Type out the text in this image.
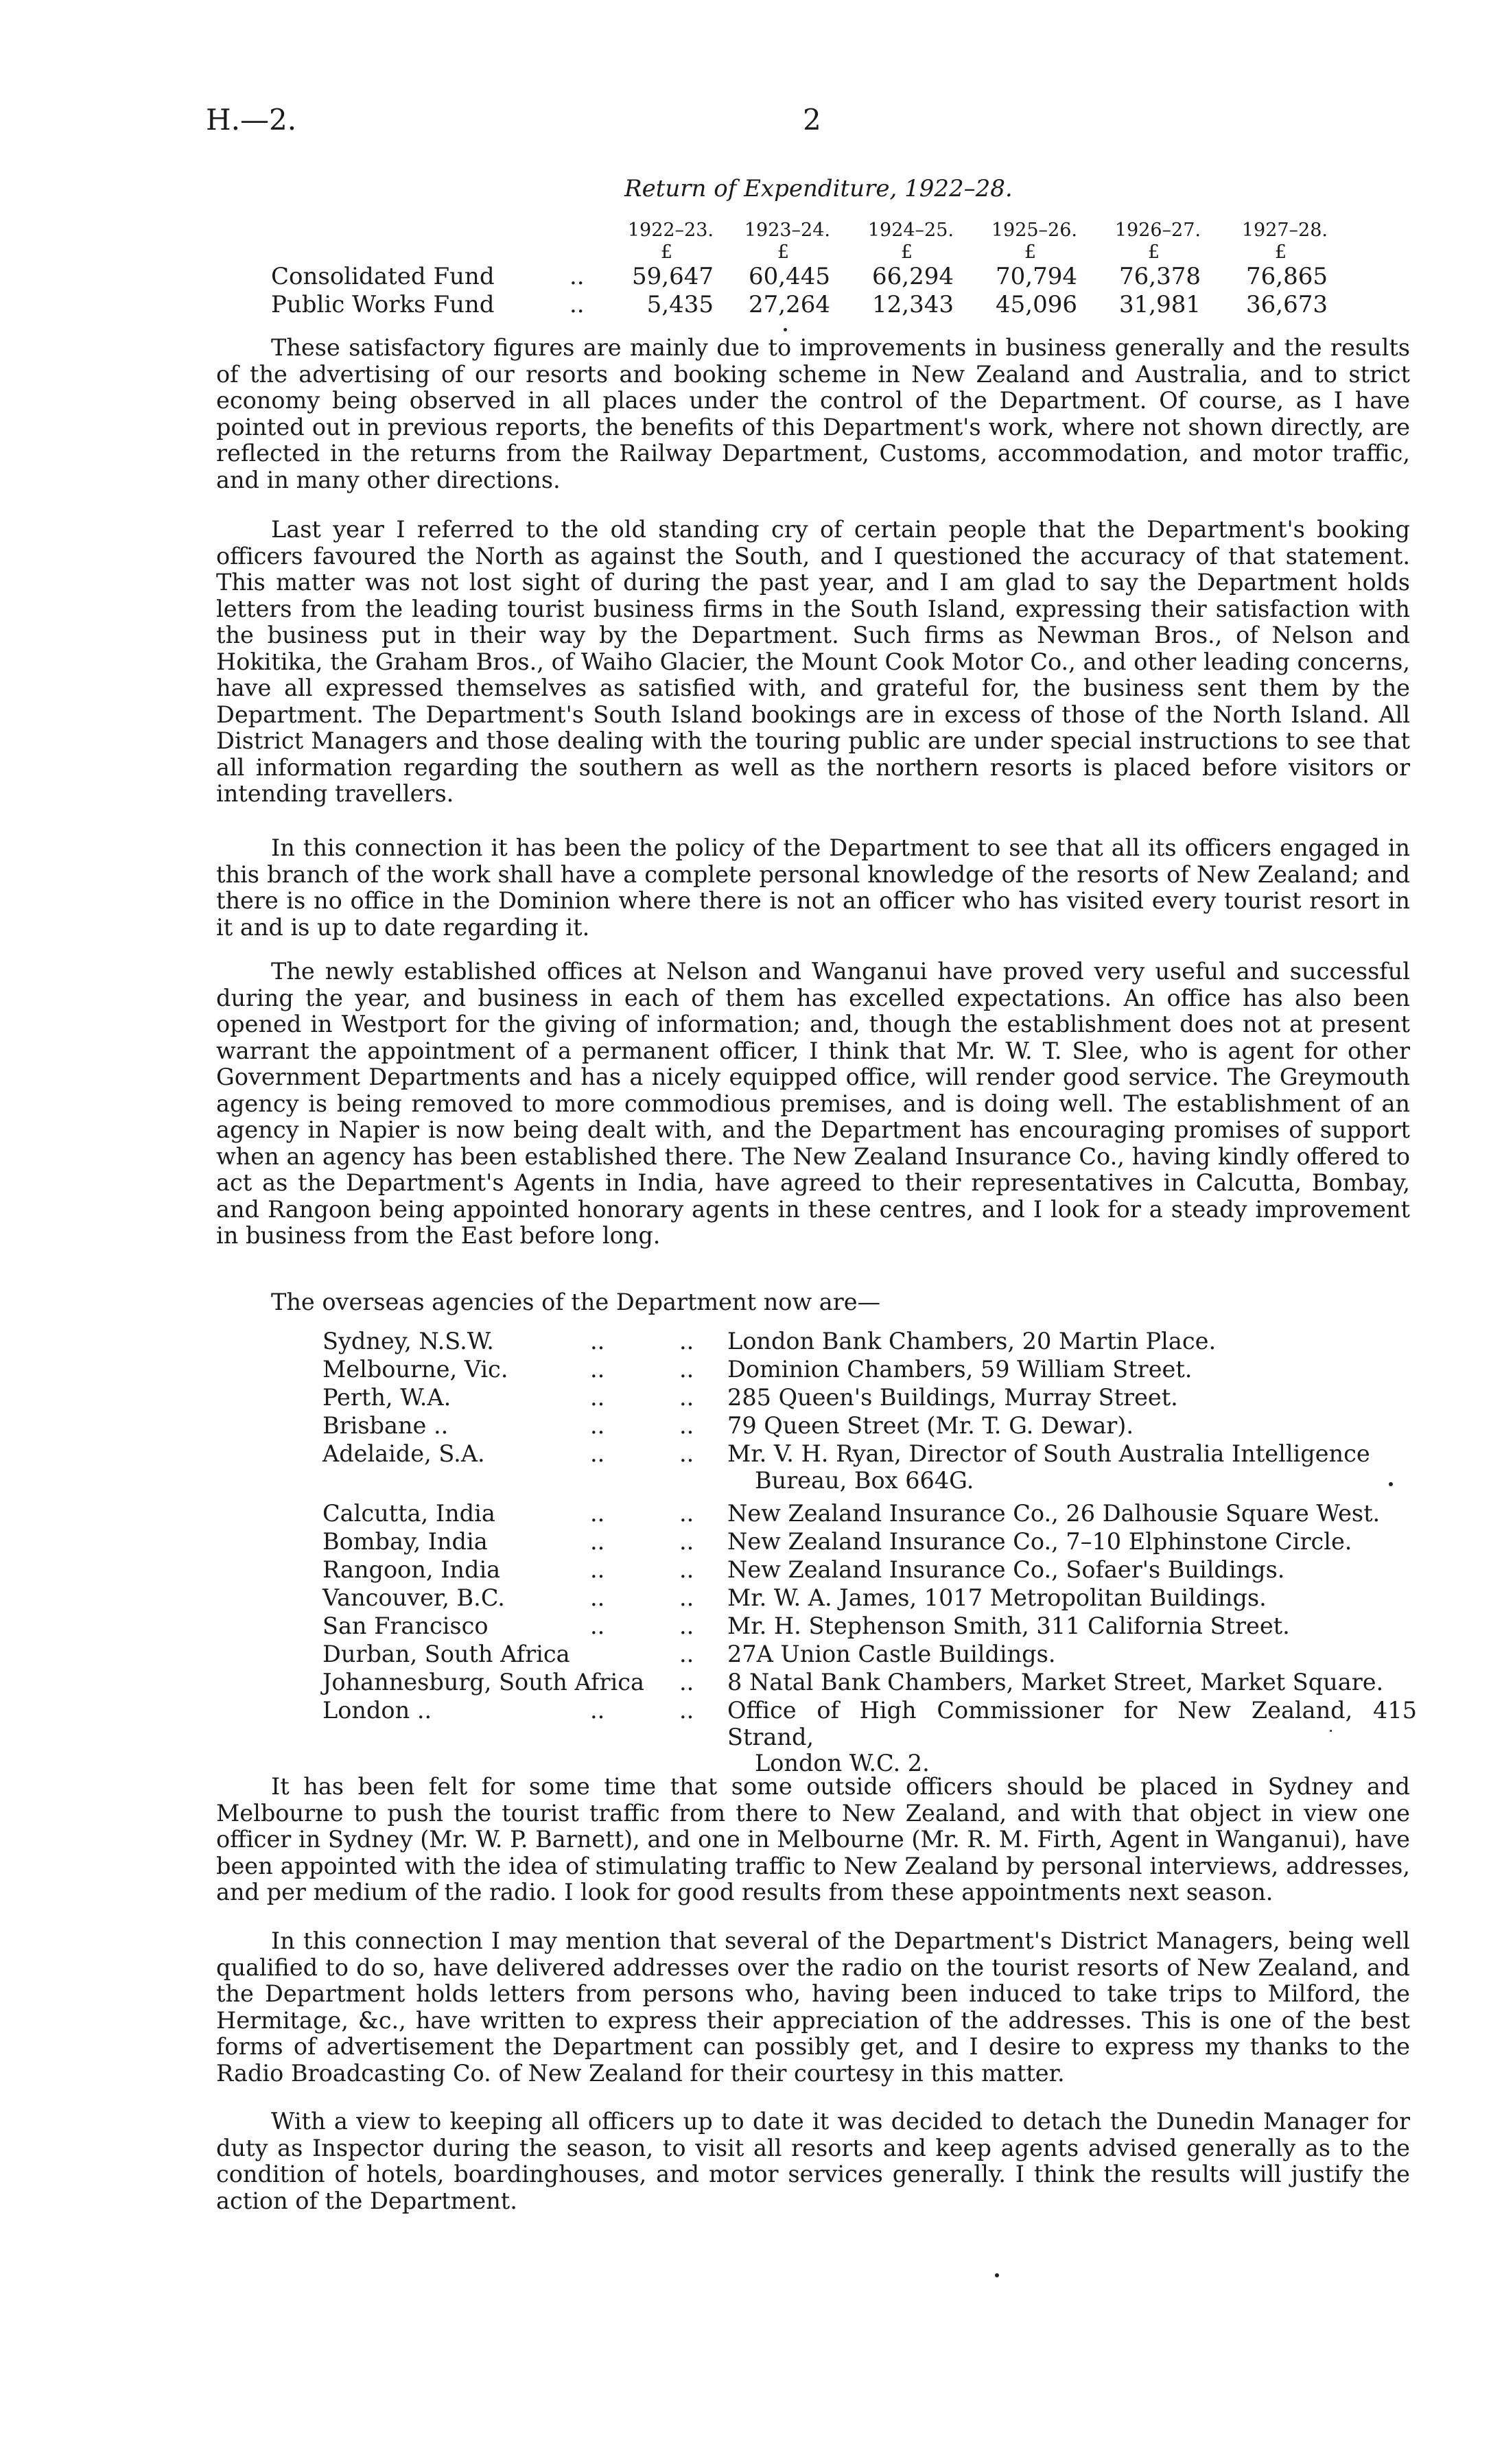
H.—2.	2
Return of Expenditure, 1922–28.
1922–23.	1923–24.	1924–25.	1925–26.	1926–27.	1927–28.
£	£	£	£	£	£
Consolidated Fund	..	59,647	60,445	66,294	70,794	76,378	76,865
Public Works Fund	..	5,435	27,264	12,343	45,096	31,981	36,673

These satisfactory figures are mainly due to improvements in business generally and the results of the advertising of our resorts and booking scheme in New Zealand and Australia, and to strict economy being observed in all places under the control of the Department. Of course, as I have pointed out in previous reports, the benefits of this Department's work, where not shown directly, are reflected in the returns from the Railway Department, Customs, accommodation, and motor traffic, and in many other directions.

Last year I referred to the old standing cry of certain people that the Department's booking officers favoured the North as against the South, and I questioned the accuracy of that statement. This matter was not lost sight of during the past year, and I am glad to say the Department holds letters from the leading tourist business firms in the South Island, expressing their satisfaction with the business put in their way by the Department. Such firms as Newman Bros., of Nelson and Hokitika, the Graham Bros., of Waiho Glacier, the Mount Cook Motor Co., and other leading concerns, have all expressed themselves as satisfied with, and grateful for, the business sent them by the Department. The Department's South Island bookings are in excess of those of the North Island. All District Managers and those dealing with the touring public are under special instructions to see that all information regarding the southern as well as the northern resorts is placed before visitors or intending travellers.

In this connection it has been the policy of the Department to see that all its officers engaged in this branch of the work shall have a complete personal knowledge of the resorts of New Zealand; and there is no office in the Dominion where there is not an officer who has visited every tourist resort in it and is up to date regarding it.

The newly established offices at Nelson and Wanganui have proved very useful and successful during the year, and business in each of them has excelled expectations. An office has also been opened in Westport for the giving of information; and, though the establishment does not at present warrant the appointment of a permanent officer, I think that Mr. W. T. Slee, who is agent for other Government Departments and has a nicely equipped office, will render good service. The Greymouth agency is being removed to more commodious premises, and is doing well. The establishment of an agency in Napier is now being dealt with, and the Department has encouraging promises of support when an agency has been established there. The New Zealand Insurance Co., having kindly offered to act as the Department's Agents in India, have agreed to their representatives in Calcutta, Bombay, and Rangoon being appointed honorary agents in these centres, and I look for a steady improvement in business from the East before long.

The overseas agencies of the Department now are—
Sydney, N.S.W.	..	.. London Bank Chambers, 20 Martin Place.
Melbourne, Vic.	..	.. Dominion Chambers, 59 William Street.
Perth, W.A.	..	.. 285 Queen's Buildings, Murray Street.
Brisbane ..	..	.. 79 Queen Street (Mr. T. G. Dewar).
Adelaide, S.A.	..	.. Mr. V. H. Ryan, Director of South Australia Intelligence
Bureau, Box 664G.
Calcutta, India	..	.. New Zealand Insurance Co., 26 Dalhousie Square West.
Bombay, India	..	.. New Zealand Insurance Co., 7–10 Elphinstone Circle.
Rangoon, India	..	.. New Zealand Insurance Co., Sofaer's Buildings.
Vancouver, B.C.	..	.. Mr. W. A. James, 1017 Metropolitan Buildings.
San Francisco	..	.. Mr. H. Stephenson Smith, 311 California Street.
Durban, South Africa	.. 27A Union Castle Buildings.
Johannesburg, South Africa .. 8 Natal Bank Chambers, Market Street, Market Square.
London ..	..	.. Office of High Commissioner for New Zealand, 415 Strand,
London W.C. 2.

It has been felt for some time that some outside officers should be placed in Sydney and Melbourne to push the tourist traffic from there to New Zealand, and with that object in view one officer in Sydney (Mr. W. P. Barnett), and one in Melbourne (Mr. R. M. Firth, Agent in Wanganui), have been appointed with the idea of stimulating traffic to New Zealand by personal interviews, addresses, and per medium of the radio. I look for good results from these appointments next season.

In this connection I may mention that several of the Department's District Managers, being well qualified to do so, have delivered addresses over the radio on the tourist resorts of New Zealand, and the Department holds letters from persons who, having been induced to take trips to Milford, the Hermitage, &c., have written to express their appreciation of the addresses. This is one of the best forms of advertisement the Department can possibly get, and I desire to express my thanks to the Radio Broadcasting Co. of New Zealand for their courtesy in this matter.

With a view to keeping all officers up to date it was decided to detach the Dunedin Manager for duty as Inspector during the season, to visit all resorts and keep agents advised generally as to the condition of hotels, boardinghouses, and motor services generally. I think the results will justify the action of the Department.
